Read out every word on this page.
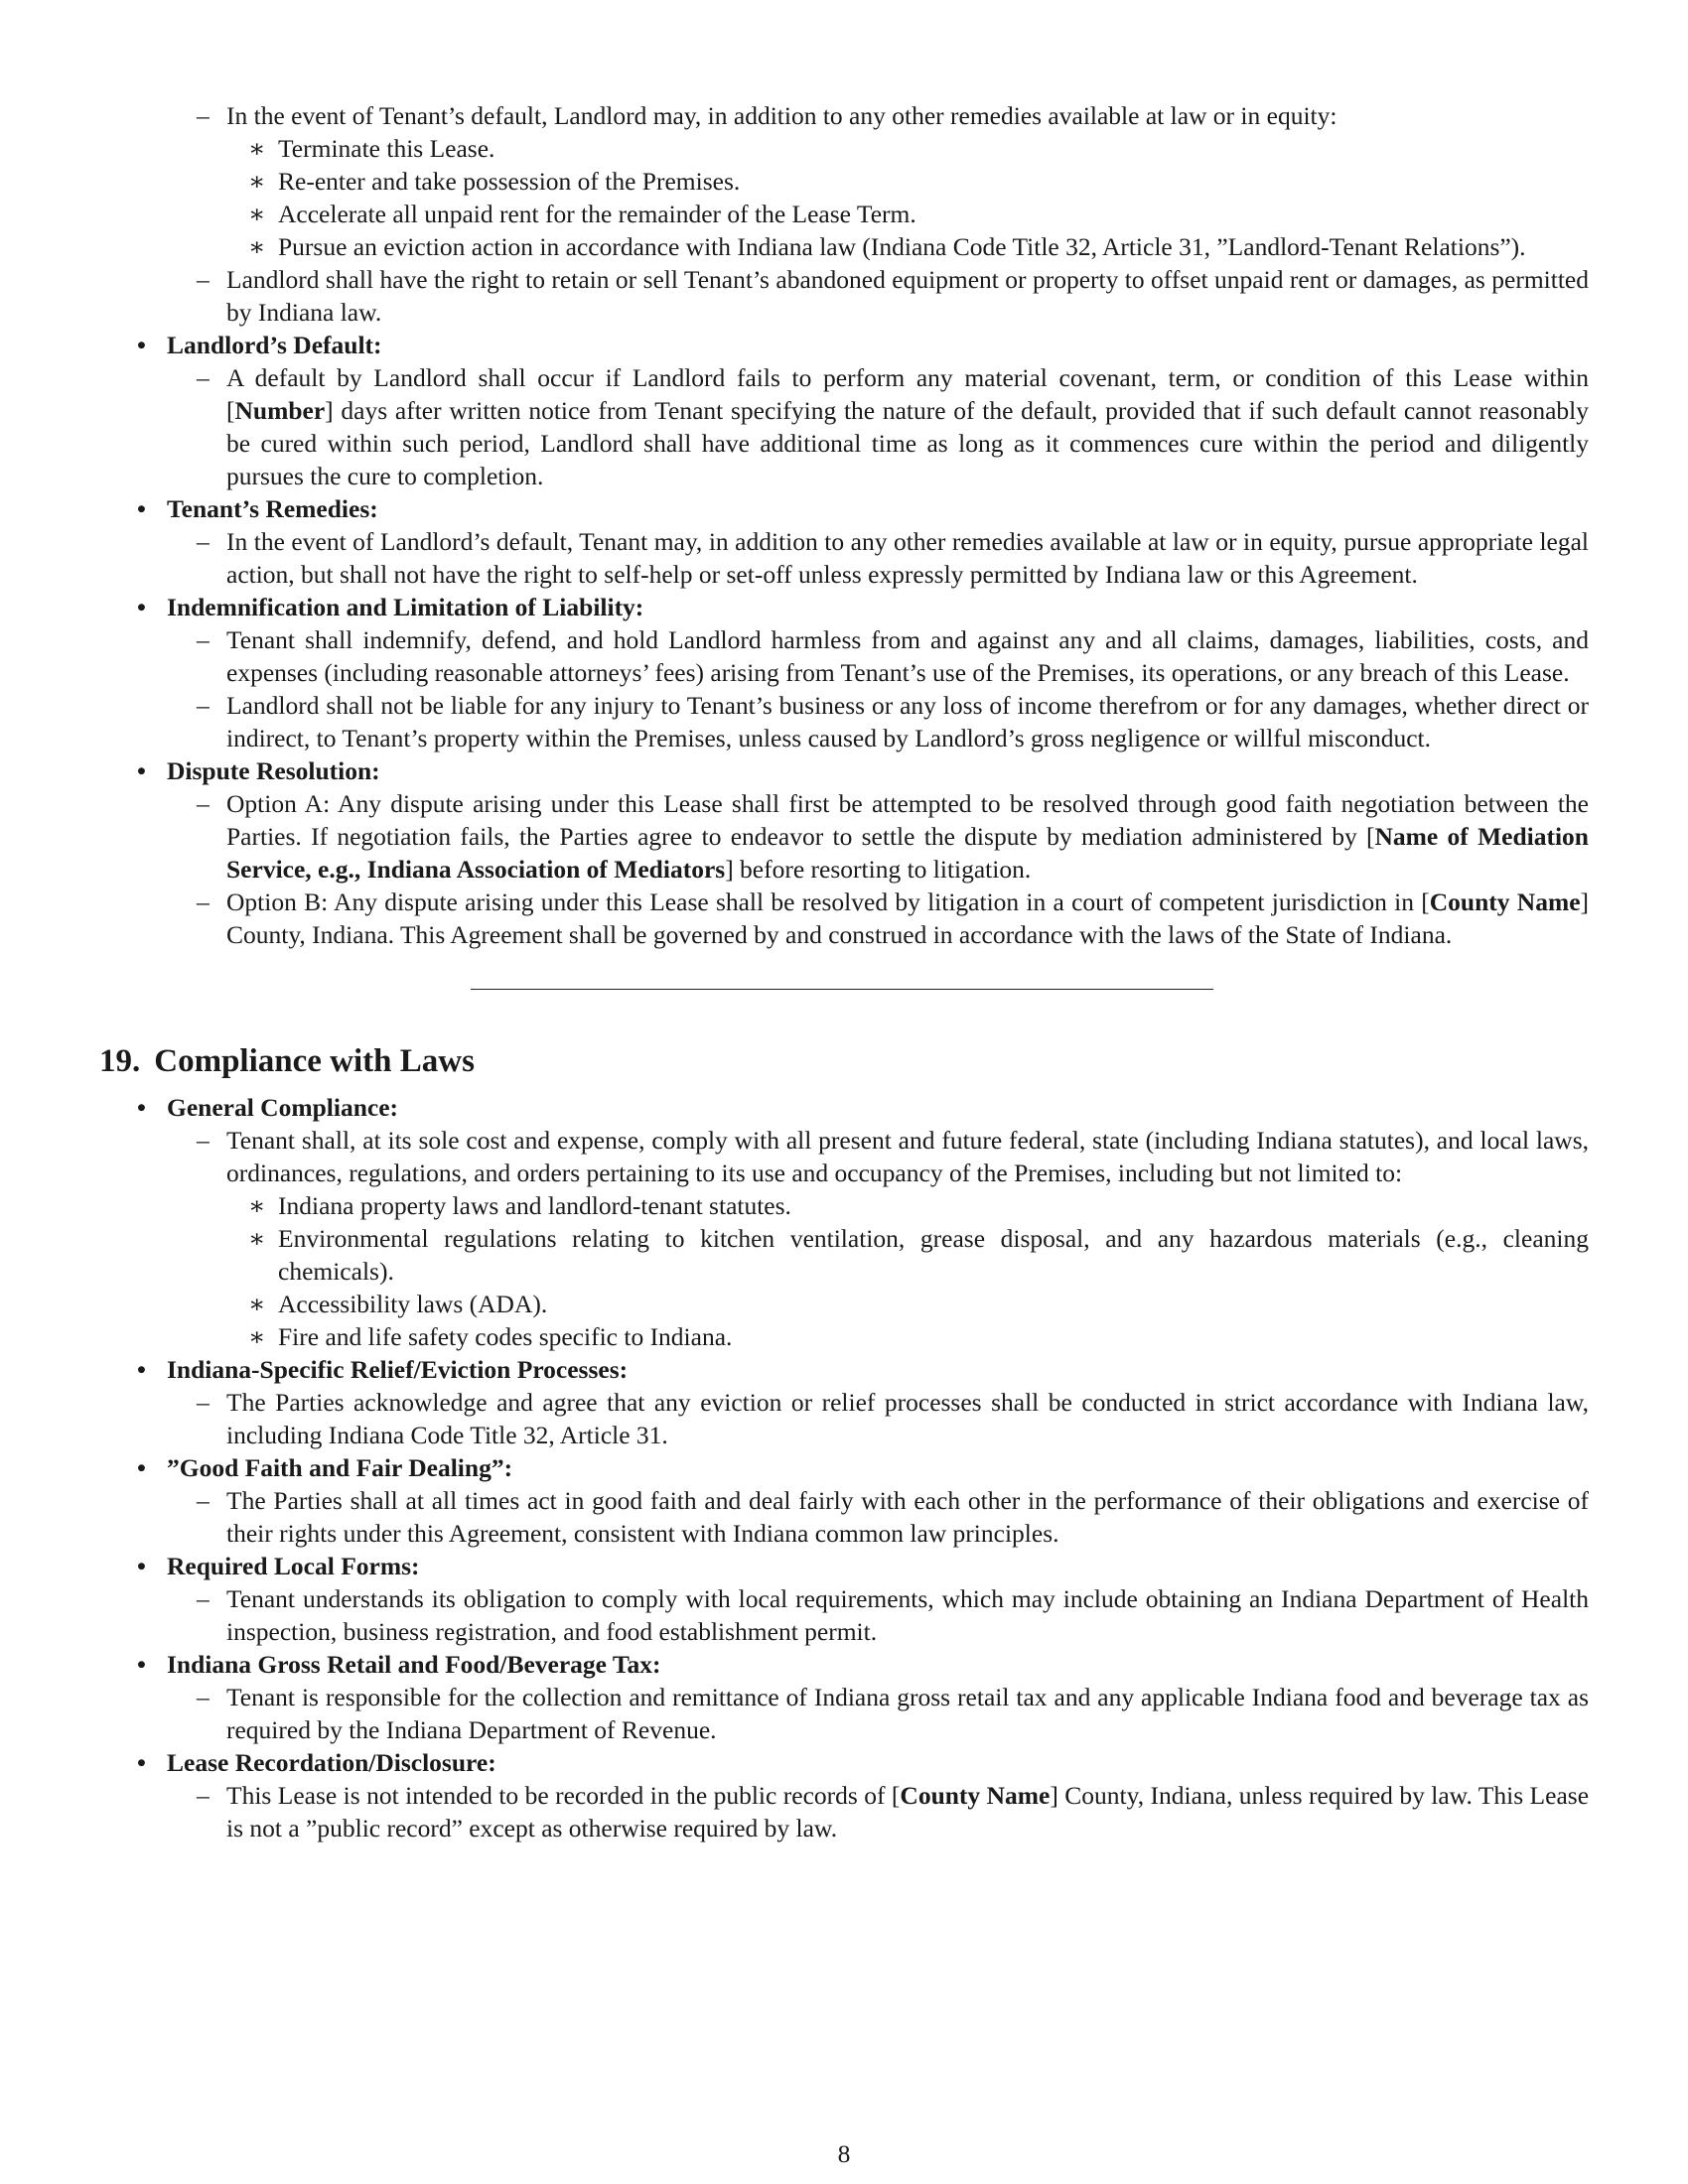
– In the event of Tenant’s default, Landlord may, in addition to any other remedies available at law or in equity:
∗ Terminate this Lease.
∗ Re-enter and take possession of the Premises.
∗ Accelerate all unpaid rent for the remainder of the Lease Term.
∗ Pursue an eviction action in accordance with Indiana law (Indiana Code Title 32, Article 31, ”Landlord-Tenant Relations”).
– Landlord shall have the right to retain or sell Tenant’s abandoned equipment or property to offset unpaid rent or damages, as permitted by Indiana law.
• Landlord’s Default:
– A default by Landlord shall occur if Landlord fails to perform any material covenant, term, or condition of this Lease within [Number] days after written notice from Tenant specifying the nature of the default, provided that if such default cannot reasonably be cured within such period, Landlord shall have additional time as long as it commences cure within the period and diligently pursues the cure to completion.
• Tenant’s Remedies:
– In the event of Landlord’s default, Tenant may, in addition to any other remedies available at law or in equity, pursue appropriate legal action, but shall not have the right to self-help or set-off unless expressly permitted by Indiana law or this Agreement.
• Indemnification and Limitation of Liability:
– Tenant shall indemnify, defend, and hold Landlord harmless from and against any and all claims, damages, liabilities, costs, and expenses (including reasonable attorneys’ fees) arising from Tenant’s use of the Premises, its operations, or any breach of this Lease.
– Landlord shall not be liable for any injury to Tenant’s business or any loss of income therefrom or for any damages, whether direct or indirect, to Tenant’s property within the Premises, unless caused by Landlord’s gross negligence or willful misconduct.
• Dispute Resolution:
– Option A: Any dispute arising under this Lease shall first be attempted to be resolved through good faith negotiation between the Parties. If negotiation fails, the Parties agree to endeavor to settle the dispute by mediation administered by [Name of Mediation Service, e.g., Indiana Association of Mediators] before resorting to litigation.
– Option B: Any dispute arising under this Lease shall be resolved by litigation in a court of competent jurisdiction in [County Name] County, Indiana. This Agreement shall be governed by and construed in accordance with the laws of the State of Indiana.
19. Compliance with Laws
• General Compliance:
– Tenant shall, at its sole cost and expense, comply with all present and future federal, state (including Indiana statutes), and local laws, ordinances, regulations, and orders pertaining to its use and occupancy of the Premises, including but not limited to:
∗ Indiana property laws and landlord-tenant statutes.
∗ Environmental regulations relating to kitchen ventilation, grease disposal, and any hazardous materials (e.g., cleaning chemicals).
∗ Accessibility laws (ADA).
∗ Fire and life safety codes specific to Indiana.
• Indiana-Specific Relief/Eviction Processes:
– The Parties acknowledge and agree that any eviction or relief processes shall be conducted in strict accordance with Indiana law, including Indiana Code Title 32, Article 31.
• ”Good Faith and Fair Dealing”:
– The Parties shall at all times act in good faith and deal fairly with each other in the performance of their obligations and exercise of their rights under this Agreement, consistent with Indiana common law principles.
• Required Local Forms:
– Tenant understands its obligation to comply with local requirements, which may include obtaining an Indiana Department of Health inspection, business registration, and food establishment permit.
• Indiana Gross Retail and Food/Beverage Tax:
– Tenant is responsible for the collection and remittance of Indiana gross retail tax and any applicable Indiana food and beverage tax as required by the Indiana Department of Revenue.
• Lease Recordation/Disclosure:
– This Lease is not intended to be recorded in the public records of [County Name] County, Indiana, unless required by law. This Lease is not a ”public record” except as otherwise required by law.
8
